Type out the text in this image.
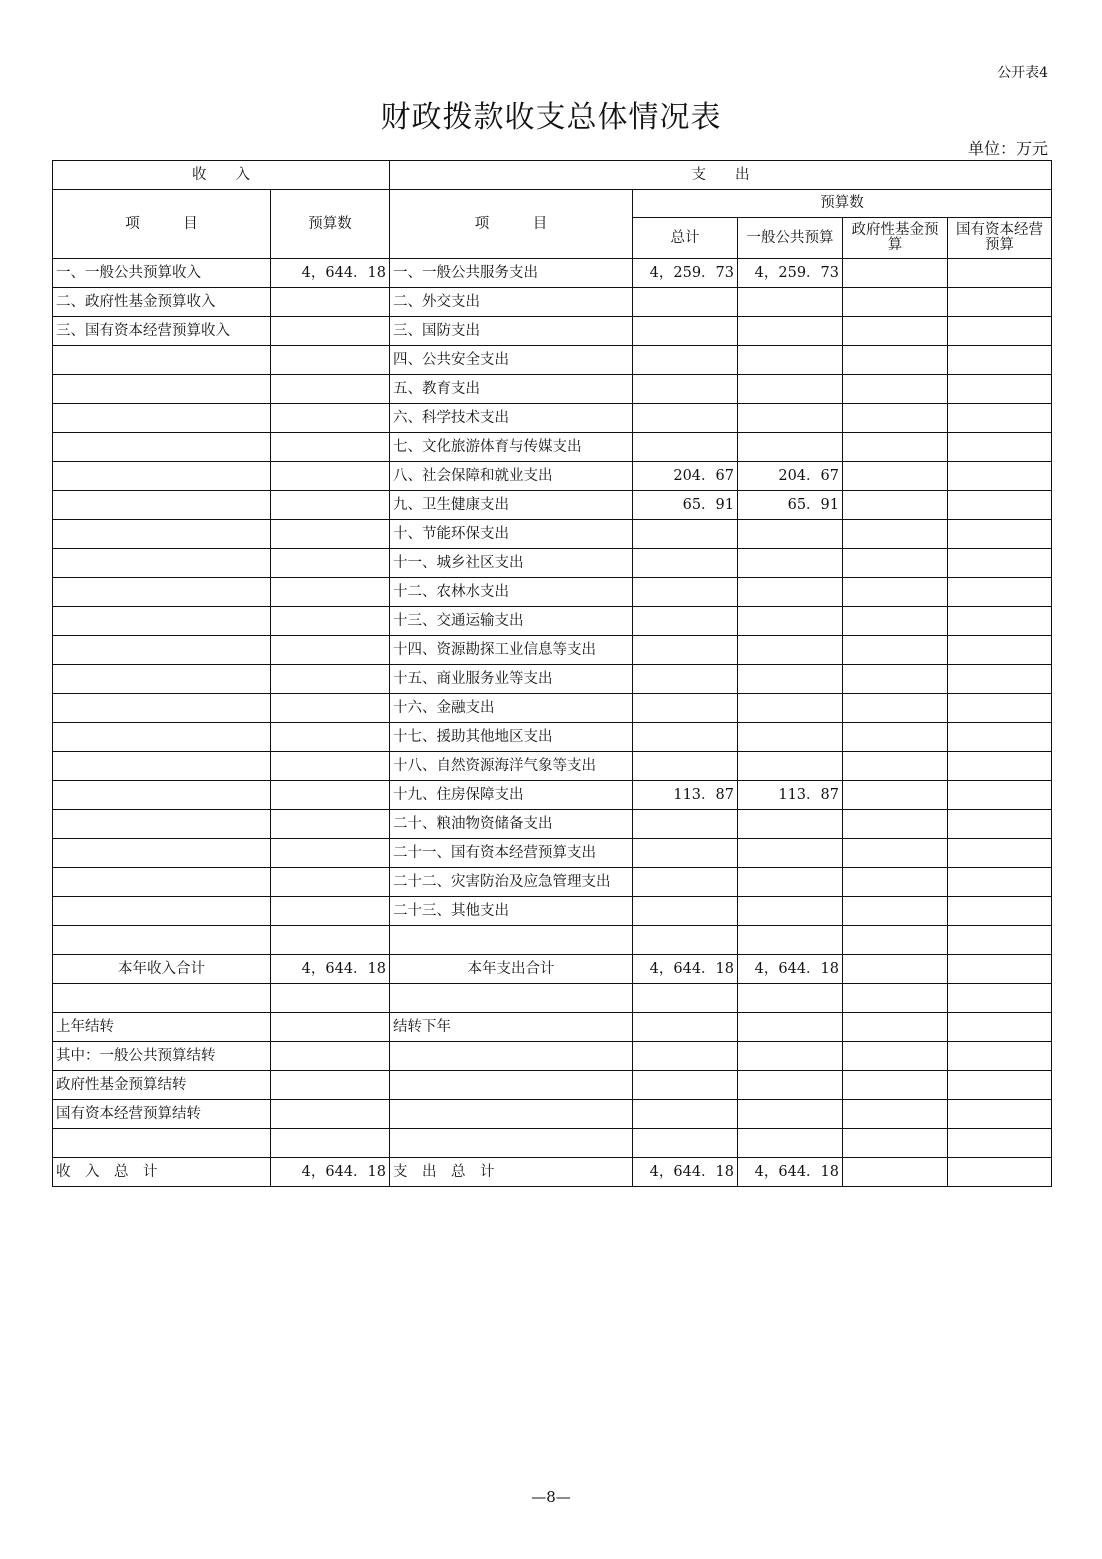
公开表4
财政拨款收支总体情况表
单位：万元
收　　入		支　　出				
项　　　目	预算数	项　　　目	预算数			
			总计	一般公共预算	政府性基金预算	国有资本经营预算
一、一般公共预算收入	4，644．18	一、一般公共服务支出	4，259．73	4，259．73		
二、政府性基金预算收入		二、外交支出				
三、国有资本经营预算收入		三、国防支出				
		四、公共安全支出				
		五、教育支出				
		六、科学技术支出				
		七、文化旅游体育与传媒支出				
		八、社会保障和就业支出	204．67	204．67		
		九、卫生健康支出	65．91	65．91		
		十、节能环保支出				
		十一、城乡社区支出				
		十二、农林水支出				
		十三、交通运输支出				
		十四、资源勘探工业信息等支出				
		十五、商业服务业等支出				
		十六、金融支出				
		十七、援助其他地区支出				
		十八、自然资源海洋气象等支出				
		十九、住房保障支出	113．87	113．87		
		二十、粮油物资储备支出				
		二十一、国有资本经营预算支出				
		二十二、灾害防治及应急管理支出				
		二十三、其他支出				

本年收入合计	4，644．18	本年支出合计	4，644．18	4，644．18		

上年结转		结转下年				
其中：一般公共预算结转						
政府性基金预算结转						
国有资本经营预算结转						

收　入　总　计	4，644．18	支　出　总　计	4，644．18	4，644．18		
—8—
